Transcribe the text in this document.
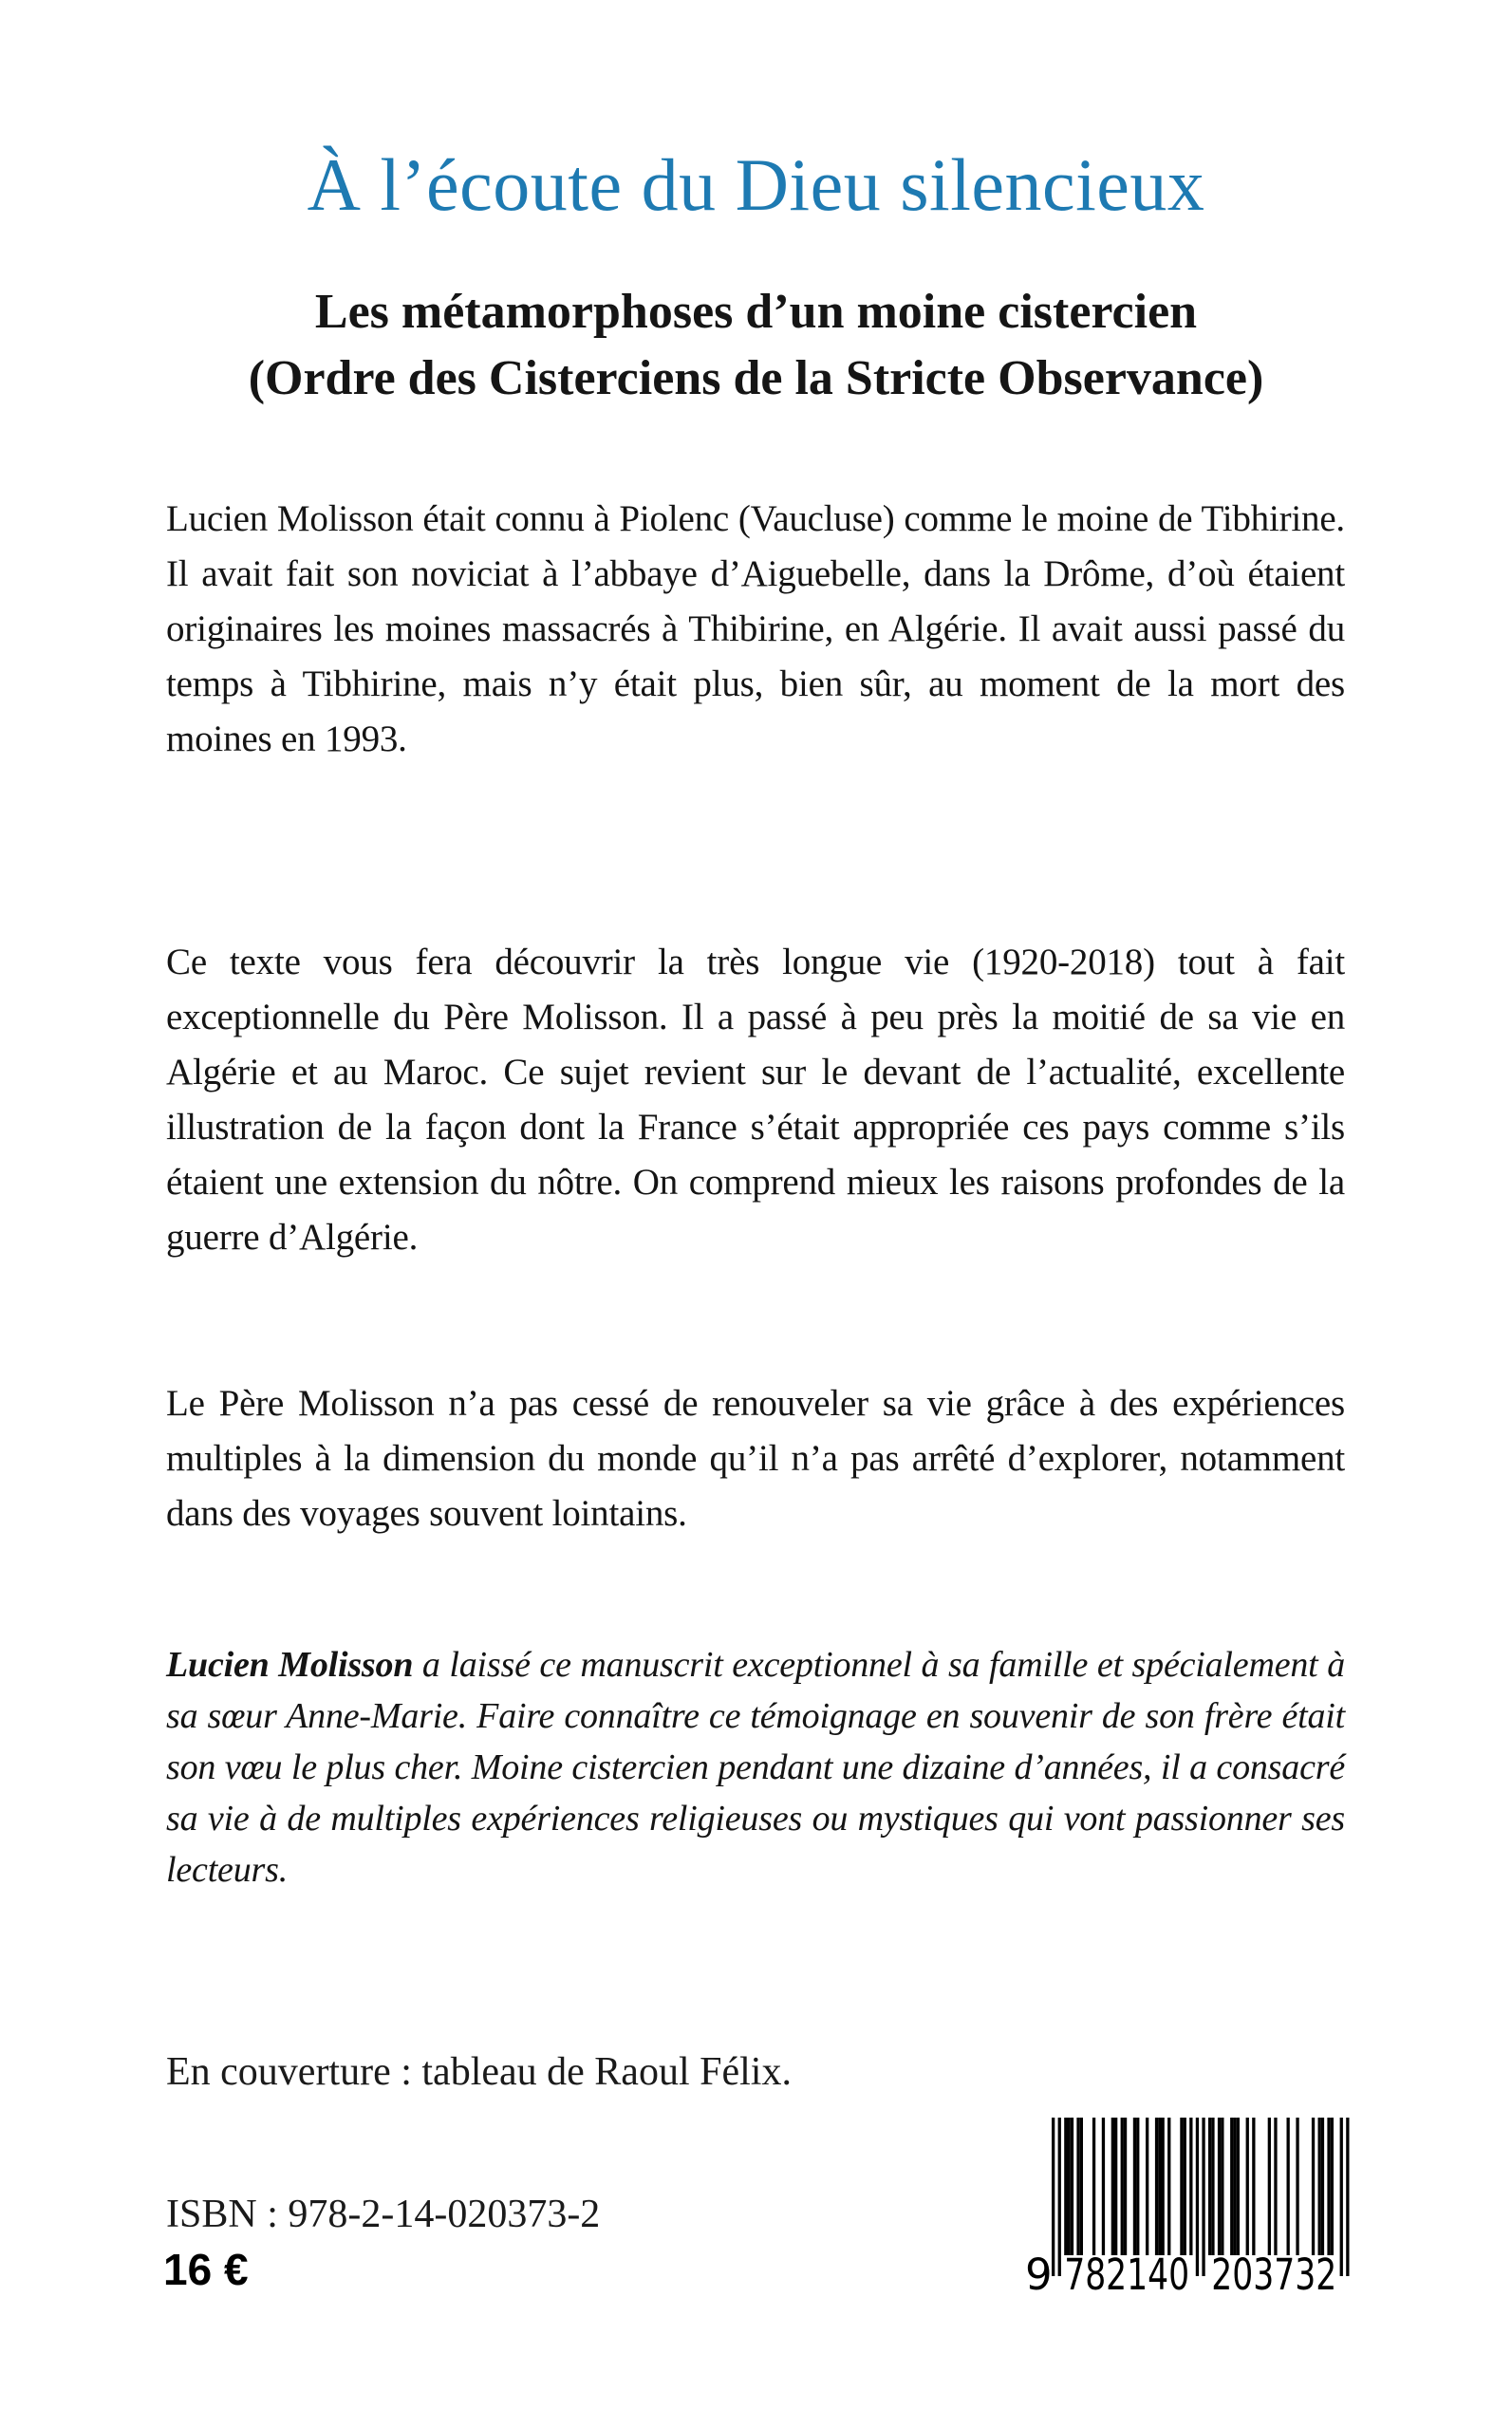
À l’écoute du Dieu silencieux
Les métamorphoses d’un moine cistercien
(Ordre des Cisterciens de la Stricte Observance)

Lucien Molisson était connu à Piolenc (Vaucluse) comme le moine de Tibhirine. Il avait fait son noviciat à l’abbaye d’Aiguebelle, dans la Drôme, d’où étaient originaires les moines massacrés à Thibirine, en Algérie. Il avait aussi passé du temps à Tibhirine, mais n’y était plus, bien sûr, au moment de la mort des moines en 1993.

Ce texte vous fera découvrir la très longue vie (1920-2018) tout à fait exceptionnelle du Père Molisson. Il a passé à peu près la moitié de sa vie en Algérie et au Maroc. Ce sujet revient sur le devant de l’actualité, excellente illustration de la façon dont la France s’était appropriée ces pays comme s’ils étaient une extension du nôtre. On comprend mieux les raisons profondes de la guerre d’Algérie.

Le Père Molisson n’a pas cessé de renouveler sa vie grâce à des expériences multiples à la dimension du monde qu’il n’a pas arrêté d’explorer, notamment dans des voyages souvent lointains.

Lucien Molisson a laissé ce manuscrit exceptionnel à sa famille et spécialement à sa sœur Anne-Marie. Faire connaître ce témoignage en souvenir de son frère était son vœu le plus cher. Moine cistercien pendant une dizaine d’années, il a consacré sa vie à de multiples expériences religieuses ou mystiques qui vont passionner ses lecteurs.

En couverture : tableau de Raoul Félix.
ISBN : 978-2-14-020373-2
16 €	9 782140 203732
